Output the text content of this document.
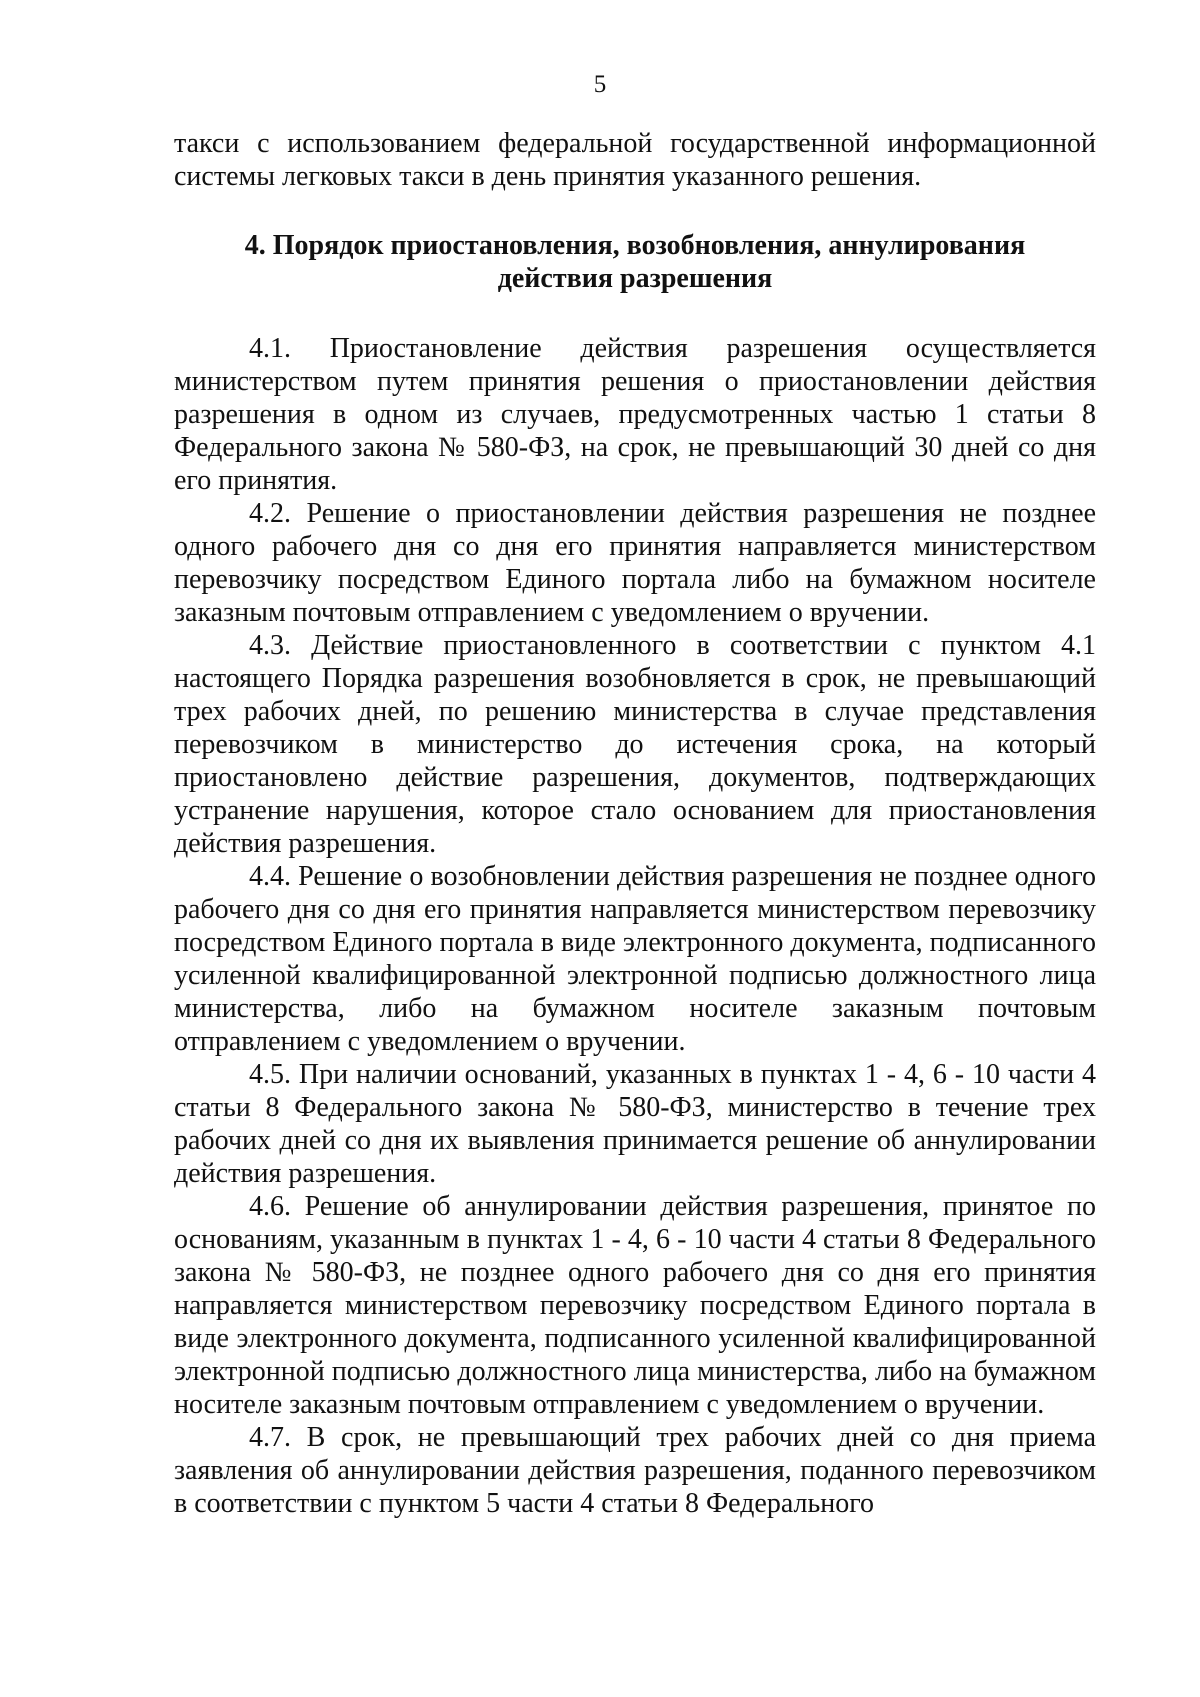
5

такси с использованием федеральной государственной информационной системы легковых такси в день принятия указанного решения.

4. Порядок приостановления, возобновления, аннулирования
действия разрешения

4.1. Приостановление действия разрешения осуществляется министерством путем принятия решения о приостановлении действия разрешения в одном из случаев, предусмотренных частью 1 статьи 8 Федерального закона № 580-ФЗ, на срок, не превышающий 30 дней со дня его принятия.

4.2. Решение о приостановлении действия разрешения не позднее одного рабочего дня со дня его принятия направляется министерством перевозчику посредством Единого портала либо на бумажном носителе заказным почтовым отправлением с уведомлением о вручении.

4.3. Действие приостановленного в соответствии с пунктом 4.1 настоящего Порядка разрешения возобновляется в срок, не превышающий трех рабочих дней, по решению министерства в случае представления перевозчиком в министерство до истечения срока, на который приостановлено действие разрешения, документов, подтверждающих устранение нарушения, которое стало основанием для приостановления действия разрешения.

4.4. Решение о возобновлении действия разрешения не позднее одного рабочего дня со дня его принятия направляется министерством перевозчику посредством Единого портала в виде электронного документа, подписанного усиленной квалифицированной электронной подписью должностного лица министерства, либо на бумажном носителе заказным почтовым отправлением с уведомлением о вручении.

4.5. При наличии оснований, указанных в пунктах 1 - 4, 6 - 10 части 4 статьи 8 Федерального закона № 580-ФЗ, министерство в течение трех рабочих дней со дня их выявления принимается решение об аннулировании действия разрешения.

4.6. Решение об аннулировании действия разрешения, принятое по основаниям, указанным в пунктах 1 - 4, 6 - 10 части 4 статьи 8 Федерального закона № 580-ФЗ, не позднее одного рабочего дня со дня его принятия направляется министерством перевозчику посредством Единого портала в виде электронного документа, подписанного усиленной квалифицированной электронной подписью должностного лица министерства, либо на бумажном носителе заказным почтовым отправлением с уведомлением о вручении.

4.7. В срок, не превышающий трех рабочих дней со дня приема заявления об аннулировании действия разрешения, поданного перевозчиком в соответствии с пунктом 5 части 4 статьи 8 Федерального
